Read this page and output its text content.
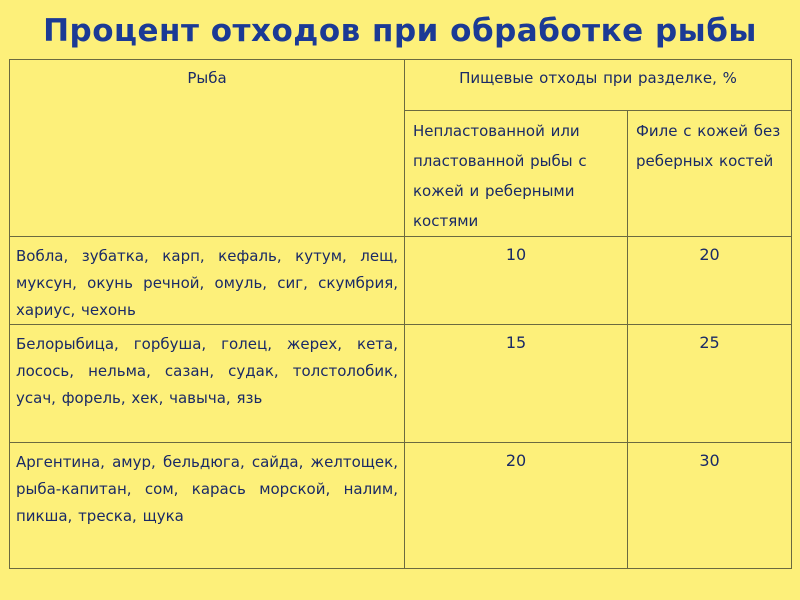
Процент отходов при обработке рыбы
Рыба	Пищевые отходы при разделке, %	
	Непластованной или пластованной рыбы с кожей и реберными костями	Филе с кожей без реберных костей
Вобла, зубатка, карп, кефаль, кутум, лещ, муксун, окунь речной, омуль, сиг, скумбрия, хариус, чехонь	10	20
Белорыбица, горбуша, голец, жерех, кета, лосось, нельма, сазан, судак, толстолобик, усач, форель, хек, чавыча, язь	15	25
Аргентина, амур, бельдюга, сайда, желтощек, рыба-капитан, сом, карась морской, налим, пикша, треска, щука	20	30
